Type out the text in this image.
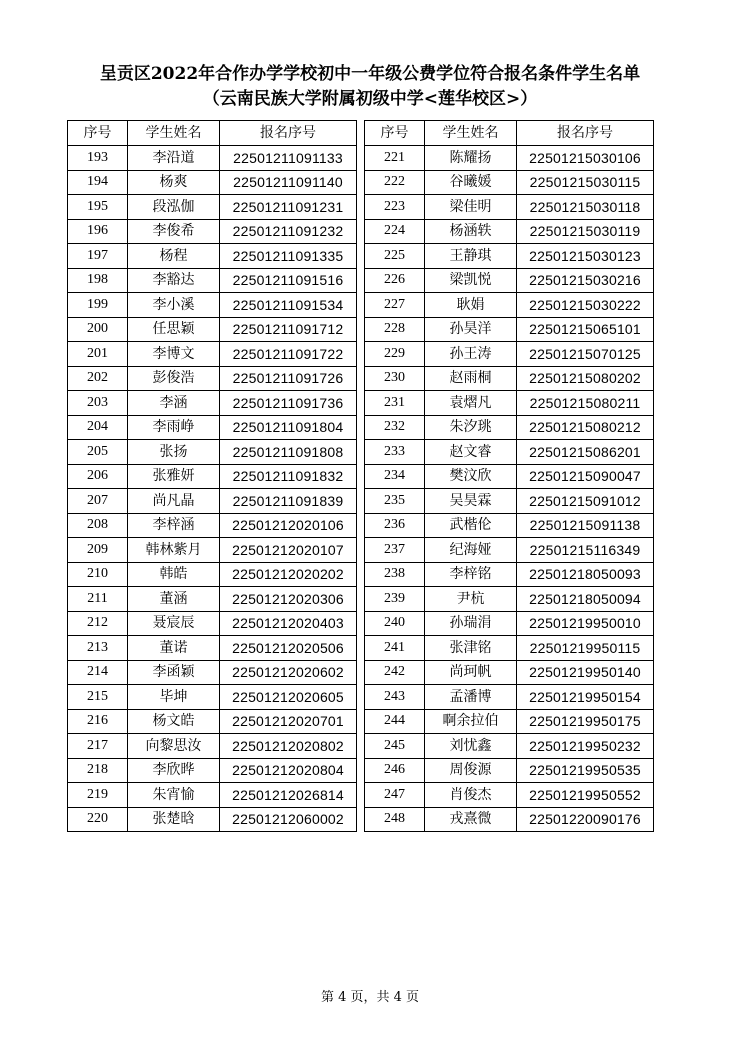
呈贡区2022年合作办学学校初中一年级公费学位符合报名条件学生名单
（云南民族大学附属初级中学<莲华校区>）
序号	学生姓名	报名序号
193	李沿道	22501211091133
194	杨爽	22501211091140
195	段泓伽	22501211091231
196	李俊希	22501211091232
197	杨程	22501211091335
198	李豁达	22501211091516
199	李小溪	22501211091534
200	任思颖	22501211091712
201	李博文	22501211091722
202	彭俊浩	22501211091726
203	李涵	22501211091736
204	李雨峥	22501211091804
205	张扬	22501211091808
206	张雅妍	22501211091832
207	尚凡晶	22501211091839
208	李梓涵	22501212020106
209	韩林紫月	22501212020107
210	韩皓	22501212020202
211	董涵	22501212020306
212	聂宸辰	22501212020403
213	董诺	22501212020506
214	李函颖	22501212020602
215	毕坤	22501212020605
216	杨文皓	22501212020701
217	向黎思汝	22501212020802
218	李欣晔	22501212020804
219	朱宵愉	22501212026814
220	张楚晗	22501212060002
序号	学生姓名	报名序号
221	陈耀扬	22501215030106
222	谷曦媛	22501215030115
223	梁佳明	22501215030118
224	杨涵轶	22501215030119
225	王静琪	22501215030123
226	梁凯悦	22501215030216
227	耿娟	22501215030222
228	孙昊洋	22501215065101
229	孙王涛	22501215070125
230	赵雨桐	22501215080202
231	袁熠凡	22501215080211
232	朱汐珧	22501215080212
233	赵文睿	22501215086201
234	樊汶欣	22501215090047
235	吴昊霖	22501215091012
236	武楷伦	22501215091138
237	纪海娅	22501215116349
238	李梓铭	22501218050093
239	尹杭	22501218050094
240	孙瑞涓	22501219950010
241	张津铭	22501219950115
242	尚珂帆	22501219950140
243	孟潘博	22501219950154
244	啊余拉伯	22501219950175
245	刘忧鑫	22501219950232
246	周俊源	22501219950535
247	肖俊杰	22501219950552
248	戎熹微	22501220090176
第 4 页，共 4 页
